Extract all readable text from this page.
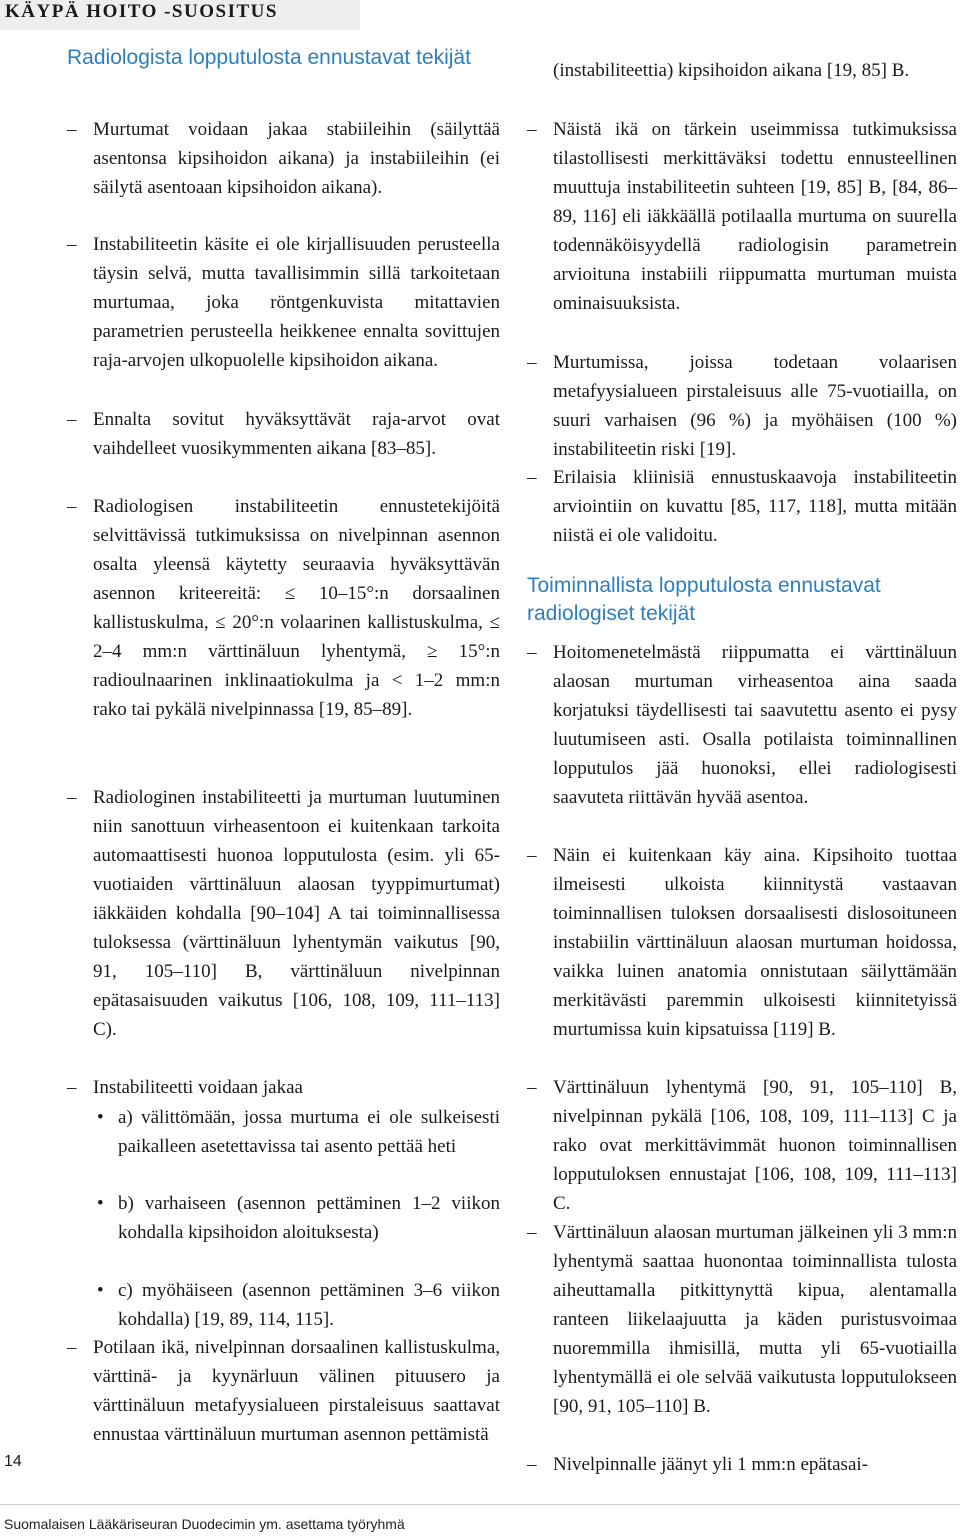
KÄYPÄ HOITO -SUOSITUS
Radiologista lopputulosta ennustavat tekijät
– Murtumat voidaan jakaa stabiileihin (säilyttää asentonsa kipsihoidon aikana) ja instabiileihin (ei säilytä asentoaan kipsihoidon aikana).
– Instabiliteetin käsite ei ole kirjallisuuden perusteella täysin selvä, mutta tavallisimmin sillä tarkoitetaan murtumaa, joka röntgenkuvista mitattavien parametrien perusteella heikkenee ennalta sovittujen raja-arvojen ulkopuolelle kipsihoidon aikana.
– Ennalta sovitut hyväksyttävät raja-arvot ovat vaihdelleet vuosikymmenten aikana [83–85].
– Radiologisen instabiliteetin ennustetekijöitä selvittävissä tutkimuksissa on nivelpinnan asennon osalta yleensä käytetty seuraavia hyväksyttävän asennon kriteereitä: ≤ 10–15°:n dorsaalinen kallistuskulma, ≤ 20°:n volaarinen kallistuskulma, ≤ 2–4 mm:n värttinäluun lyhentymä, ≥ 15°:n radioulnaarinen inklinaatiokulma ja < 1–2 mm:n rako tai pykälä nivelpinnassa [19, 85–89].
– Radiologinen instabiliteetti ja murtuman luutuminen niin sanottuun virheasentoon ei kuitenkaan tarkoita automaattisesti huonoa lopputulosta (esim. yli 65-vuotiaiden värttinäluun alaosan tyyppimurtumat) iäkkäiden kohdalla [90–104] A tai toiminnallisessa tuloksessa (värttinäluun lyhentymän vaikutus [90, 91, 105–110] B, värttinäluun nivelpinnan epätasaisuuden vaikutus [106, 108, 109, 111–113] C).
– Instabiliteetti voidaan jakaa
• a) välittömään, jossa murtuma ei ole sulkeisesti paikalleen asetettavissa tai asento pettää heti
• b) varhaiseen (asennon pettäminen 1–2 viikon kohdalla kipsihoidon aloituksesta)
• c) myöhäiseen (asennon pettäminen 3–6 viikon kohdalla) [19, 89, 114, 115].
– Potilaan ikä, nivelpinnan dorsaalinen kallistuskulma, värttinä- ja kyynärluun välinen pituusero ja värttinäluun metafyysialueen pirstaleisuus saattavat ennustaa värttinäluun murtuman asennon pettämistä
(instabiliteettia) kipsihoidon aikana [19, 85] B.
– Näistä ikä on tärkein useimmissa tutkimuksissa tilastollisesti merkittäväksi todettu ennusteellinen muuttuja instabiliteetin suhteen [19, 85] B, [84, 86–89, 116] eli iäkkäällä potilaalla murtuma on suurella todennäköisyydellä radiologisin parametrein arvioituna instabiili riippumatta murtuman muista ominaisuuksista.
– Murtumissa, joissa todetaan volaarisen metafyysialueen pirstaleisuus alle 75-vuotiailla, on suuri varhaisen (96 %) ja myöhäisen (100 %) instabiliteetin riski [19].
– Erilaisia kliinisiä ennustuskaavoja instabiliteetin arviointiin on kuvattu [85, 117, 118], mutta mitään niistä ei ole validoitu.
Toiminnallista lopputulosta ennustavat radiologiset tekijät
– Hoitomenetelmästä riippumatta ei värttinäluun alaosan murtuman virheasentoa aina saada korjatuksi täydellisesti tai saavutettu asento ei pysy luutumiseen asti. Osalla potilaista toiminnallinen lopputulos jää huonoksi, ellei radiologisesti saavuteta riittävän hyvää asentoa.
– Näin ei kuitenkaan käy aina. Kipsihoito tuottaa ilmeisesti ulkoista kiinnitystä vastaavan toiminnallisen tuloksen dorsaalisesti dislosoituneen instabiilin värttinäluun alaosan murtuman hoidossa, vaikka luinen anatomia onnistutaan säilyttämään merkitävästi paremmin ulkoisesti kiinnitetyissä murtumissa kuin kipsatuissa [119] B.
– Värttinäluun lyhentymä [90, 91, 105–110] B, nivelpinnan pykälä [106, 108, 109, 111–113] C ja rako ovat merkittävimmät huonon toiminnallisen lopputuloksen ennustajat [106, 108, 109, 111–113] C.
– Värttinäluun alaosan murtuman jälkeinen yli 3 mm:n lyhentymä saattaa huonontaa toiminnallista tulosta aiheuttamalla pitkittynyttä kipua, alentamalla ranteen liikelaajuutta ja käden puristusvoimaa nuoremmilla ihmisillä, mutta yli 65-vuotiailla lyhentymällä ei ole selvää vaikutusta lopputulokseen [90, 91, 105–110] B.
– Nivelpinnalle jäänyt yli 1 mm:n epätasai-
14
Suomalaisen Lääkäriseuran Duodecimin ym. asettama työryhmä
